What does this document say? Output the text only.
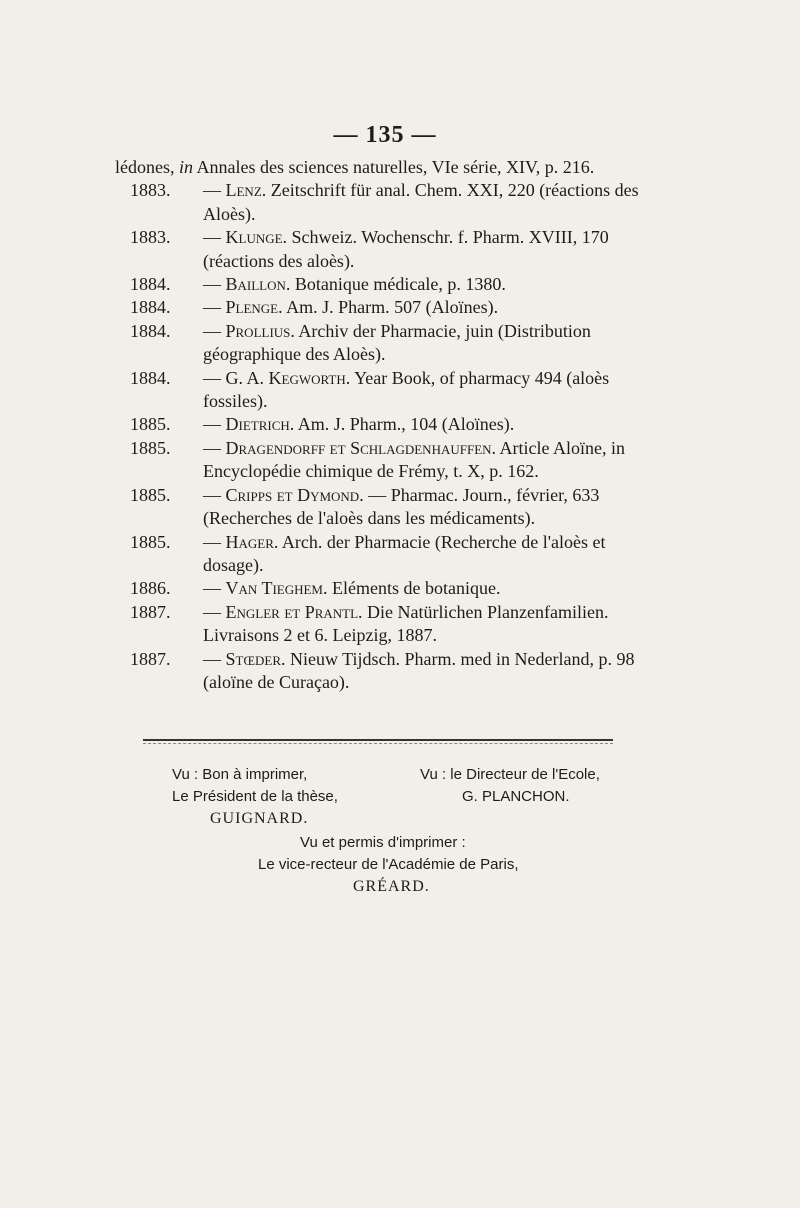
— 135 —
lédones, in Annales des sciences naturelles, VIe série, XIV, p. 216.
1883. — Lenz. Zeitschrift für anal. Chem. XXI, 220 (réactions des Aloès).
1883. — Klunge. Schweiz. Wochenschr. f. Pharm. XVIII, 170 (réactions des aloès).
1884. — Baillon. Botanique médicale, p. 1380.
1884. — Plenge. Am. J. Pharm. 507 (Aloïnes).
1884. — Prollius. Archiv der Pharmacie, juin (Distribution géographique des Aloès).
1884. — G. A. Kegworth. Year Book, of pharmacy 494 (aloès fossiles).
1885. — Dietrich. Am. J. Pharm., 104 (Aloïnes).
1885. — Dragendorff et Schlagdenhauffen. Article Aloïne, in Encyclopédie chimique de Frémy, t. X, p. 162.
1885. — Cripps et Dymond. — Pharmac. Journ., février, 633 (Recherches de l'aloès dans les médicaments).
1885. — Hager. Arch. der Pharmacie (Recherche de l'aloès et dosage).
1886. — Van Tieghem. Eléments de botanique.
1887. — Engler et Prantl. Die Natürlichen Planzenfamilien. Livraisons 2 et 6. Leipzig, 1887.
1887. — Stœder. Nieuw Tijdsch. Pharm. med in Nederland, p. 98 (aloïne de Curaçao).
Vu : Bon à imprimer,
Le Président de la thèse,
GUIGNARD.
Vu : le Directeur de l'Ecole,
G. PLANCHON.
Vu et permis d'imprimer :
Le vice-recteur de l'Académie de Paris,
GRÉARD.
